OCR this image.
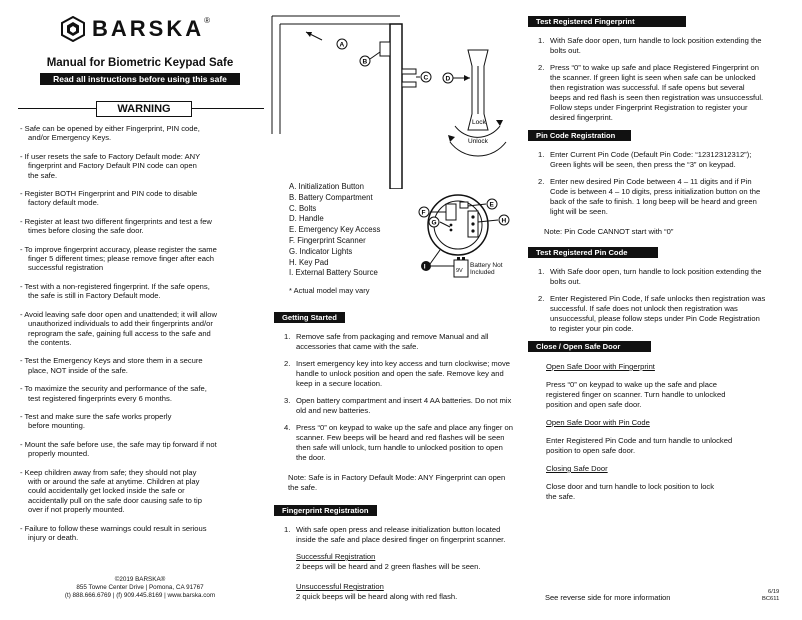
BARSKA ®
Manual for Biometric Keypad Safe
Read all instructions before using this safe
WARNING
- Safe can be opened by either Fingerprint, PIN code,
and/or Emergency Keys.
- If user resets the safe to Factory Default mode: ANY
fingerprint and Factory Default PIN code can open
the safe.
- Register BOTH Fingerprint and PIN code to disable
factory default mode.
- Register at least two different fingerprints and test a few
times before closing the safe door.
- To improve fingerprint accuracy, please register the same
finger 5 different times; please remove finger after each
successful registration
- Test with a non-registered fingerprint. If the safe opens,
the safe is still in Factory Default mode.
- Avoid leaving safe door open and unattended; it will allow
unauthorized individuals to add their fingerprints and/or
reprogram the safe, gaining full access to the safe and
the contents.
- Test the Emergency Keys and store them in a secure
place, NOT inside of the safe.
- To maximize the security and performance of the safe,
test registered fingerprints every 6 months.
- Test and make sure the safe works properly
before mounting.
- Mount the safe before use, the safe may tip forward if not
properly mounted.
- Keep children away from safe; they should not play
with or around the safe at anytime. Children at play
could accidentally get locked inside the safe or
accidentally pull on the safe door causing safe to tip
over if not properly mounted.
- Failure to follow these warnings could result in serious
injury or death.
©2019 BARSKA®
855 Towne Center Drive | Pomona, CA 91767
(t) 888.666.6769 | (f) 909.445.8169 | www.barska.com
Lock
Unlock
A
B
C	D
A. Initialization Button
B. Battery Compartment
C. Bolts
D. Handle
E. Emergency Key Access
F. Fingerprint Scanner
G. Indicator Lights
H. Key Pad
I. External Battery Source
E
F
G	H
I
9V
Battery Not
Included
* Actual model may vary
Getting Started
1. Remove safe from packaging and remove Manual and all accessories that came with the safe.
2. Insert emergency key into key access and turn clockwise; move handle to unlock position and open the safe. Remove key and keep in a secure location.
3. Open battery compartment and insert 4 AA batteries. Do not mix old and new batteries.
4. Press “0” on keypad to wake up the safe and place any finger on scanner. Few beeps will be heard and red flashes will be seen then safe will unlock, turn handle to unlocked position to open the door.
Note: Safe is in Factory Default Mode: ANY Fingerprint can open the safe.
Fingerprint Registration
1. With safe open press and release initialization button located inside the safe and place desired finger on fingerprint scanner.
Successful Registration
2 beeps will be heard and 2 green flashes will be seen.
Unsuccessful Registration
2 quick beeps will be heard along with red flash.
Test Registered Fingerprint
1. With Safe door open, turn handle to lock position extending the bolts out.
2. Press “0” to wake up safe and place Registered Fingerprint on the scanner. If green light is seen when safe can be unlocked then registration was successful. If safe opens but several beeps and red flash is seen then registration was unsuccessful. Follow steps under Fingerprint Registration to register your desired fingerprint.
Pin Code Registration
1. Enter Current Pin Code (Default Pin Code: “12312312312”); Green lights will be seen, then press the “3” on keypad.
2. Enter new desired Pin Code between 4 – 11 digits and if Pin Code is between 4 – 10 digits, press initialization button on the back of the safe to finish. 1 long beep will be heard and green light will be seen.
Note: Pin Code CANNOT start with “0”
Test Registered Pin Code
1. With Safe door open, turn handle to lock position extending the bolts out.
2. Enter Registered Pin Code, If safe unlocks then registration was successful. If safe does not unlock then registration was unsuccessful, please follow steps under Pin Code Registration to register your pin code.
Close / Open Safe Door
Open Safe Door with Fingerprint
Press “0” on keypad to wake up the safe and place
registered finger on scanner. Turn handle to unlocked
position and open safe door.
Open Safe Door with Pin Code
Enter Registered Pin Code and turn handle to unlocked
position to open safe door.
Closing Safe Door
Close door and turn handle to lock position to lock
the safe.
See reverse side for more information
6/19
BC611
